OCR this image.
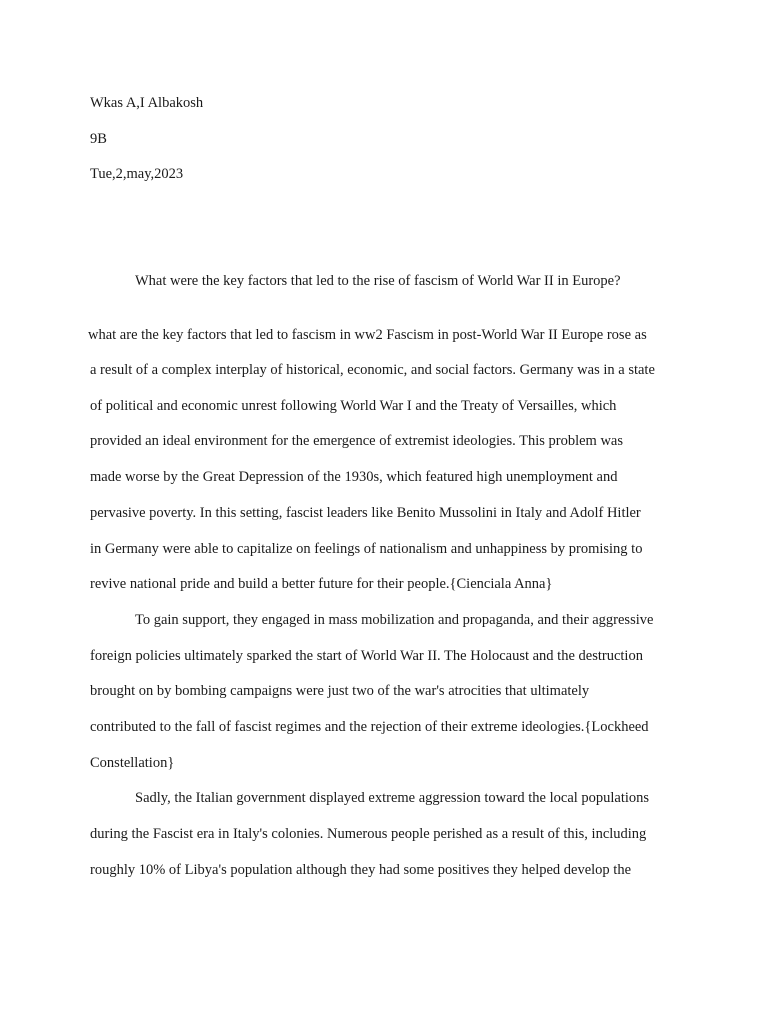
Wkas A,I Albakosh
9B
Tue,2,may,2023
What were the key factors that led to the rise of fascism of World War II in Europe?
what are the key factors that led to fascism in ww2 Fascism in post-World War II Europe rose as
a result of a complex interplay of historical, economic, and social factors. Germany was in a state
of political and economic unrest following World War I and the Treaty of Versailles, which
provided an ideal environment for the emergence of extremist ideologies. This problem was
made worse by the Great Depression of the 1930s, which featured high unemployment and
pervasive poverty. In this setting, fascist leaders like Benito Mussolini in Italy and Adolf Hitler
in Germany were able to capitalize on feelings of nationalism and unhappiness by promising to
revive national pride and build a better future for their people.{Cienciala Anna}
To gain support, they engaged in mass mobilization and propaganda, and their aggressive
foreign policies ultimately sparked the start of World War II. The Holocaust and the destruction
brought on by bombing campaigns were just two of the war's atrocities that ultimately
contributed to the fall of fascist regimes and the rejection of their extreme ideologies.{Lockheed
Constellation}
Sadly, the Italian government displayed extreme aggression toward the local populations
during the Fascist era in Italy's colonies. Numerous people perished as a result of this, including
roughly 10% of Libya's population although they had some positives they helped develop the
